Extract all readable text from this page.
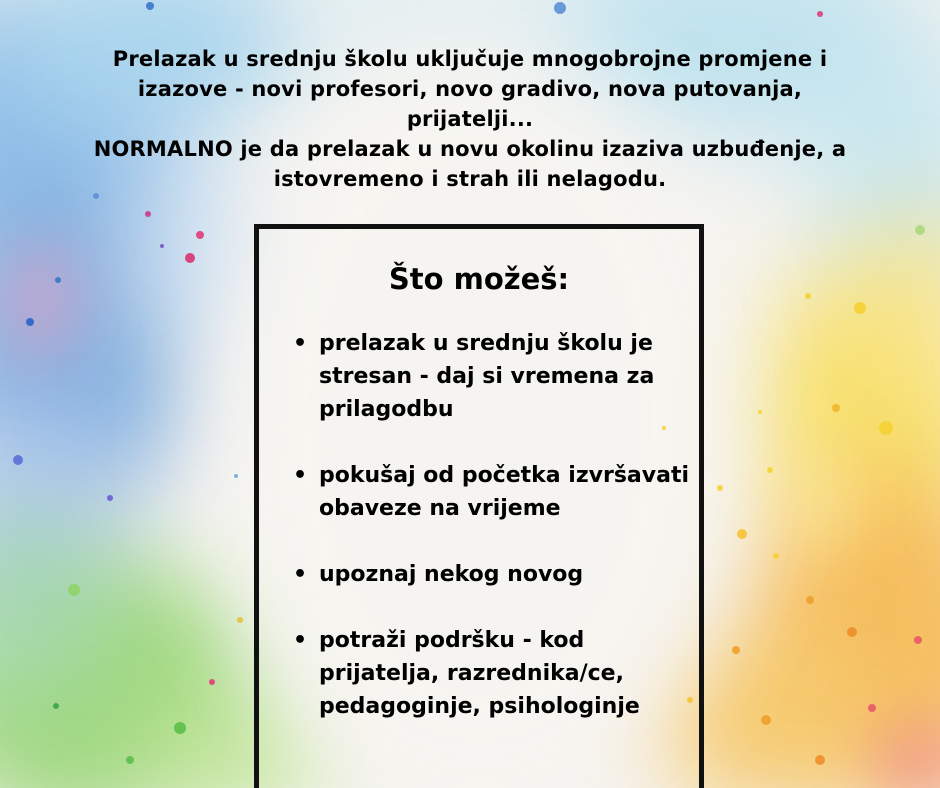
Prelazak u srednju školu uključuje mnogobrojne promjene i

izazove - novi profesori, novo gradivo, nova putovanja,

prijatelji...

NORMALNO je da prelazak u novu okolinu izaziva uzbuđenje, a

istovremeno i strah ili nelagodu.

Što možeš:
• prelazak u srednju školu je stresan - daj si vremena za prilagodbu
• pokušaj od početka izvršavati obaveze na vrijeme
• upoznaj nekog novog
• potraži podršku - kod prijatelja, razrednika/ce, pedagoginje, psihologinje
